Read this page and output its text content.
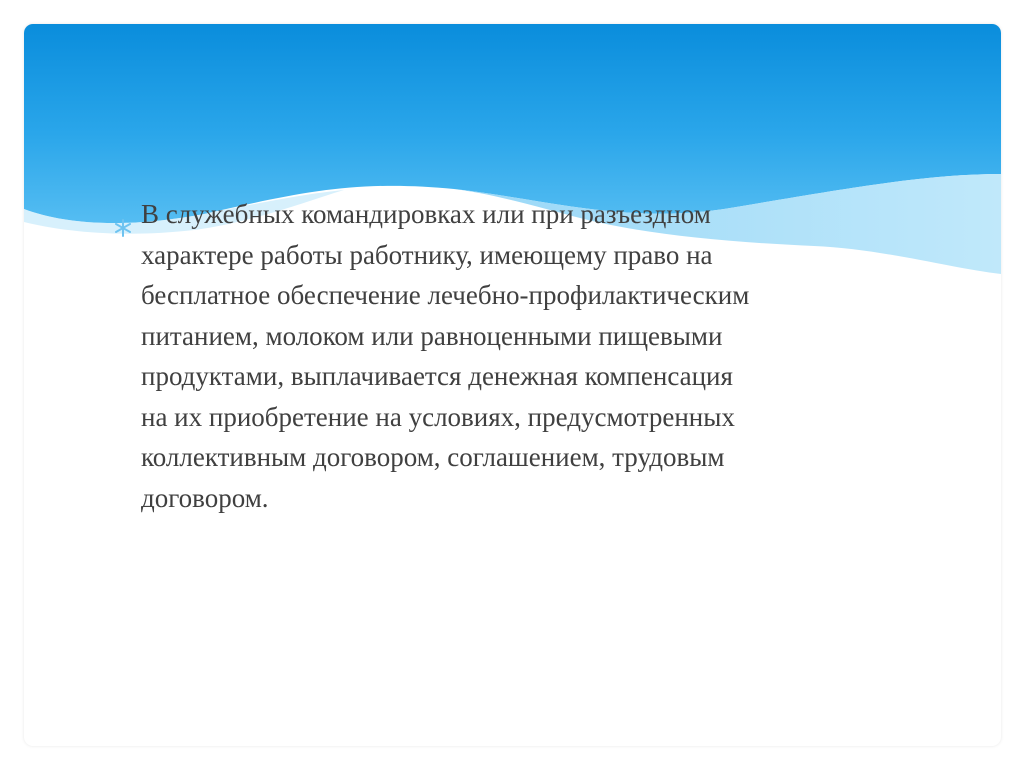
В служебных командировках или при разъездном
характере работы работнику, имеющему право на
бесплатное обеспечение лечебно-профилактическим
питанием, молоком или равноценными пищевыми
продуктами, выплачивается денежная компенсация
на их приобретение на условиях, предусмотренных
коллективным договором, соглашением, трудовым
договором.
